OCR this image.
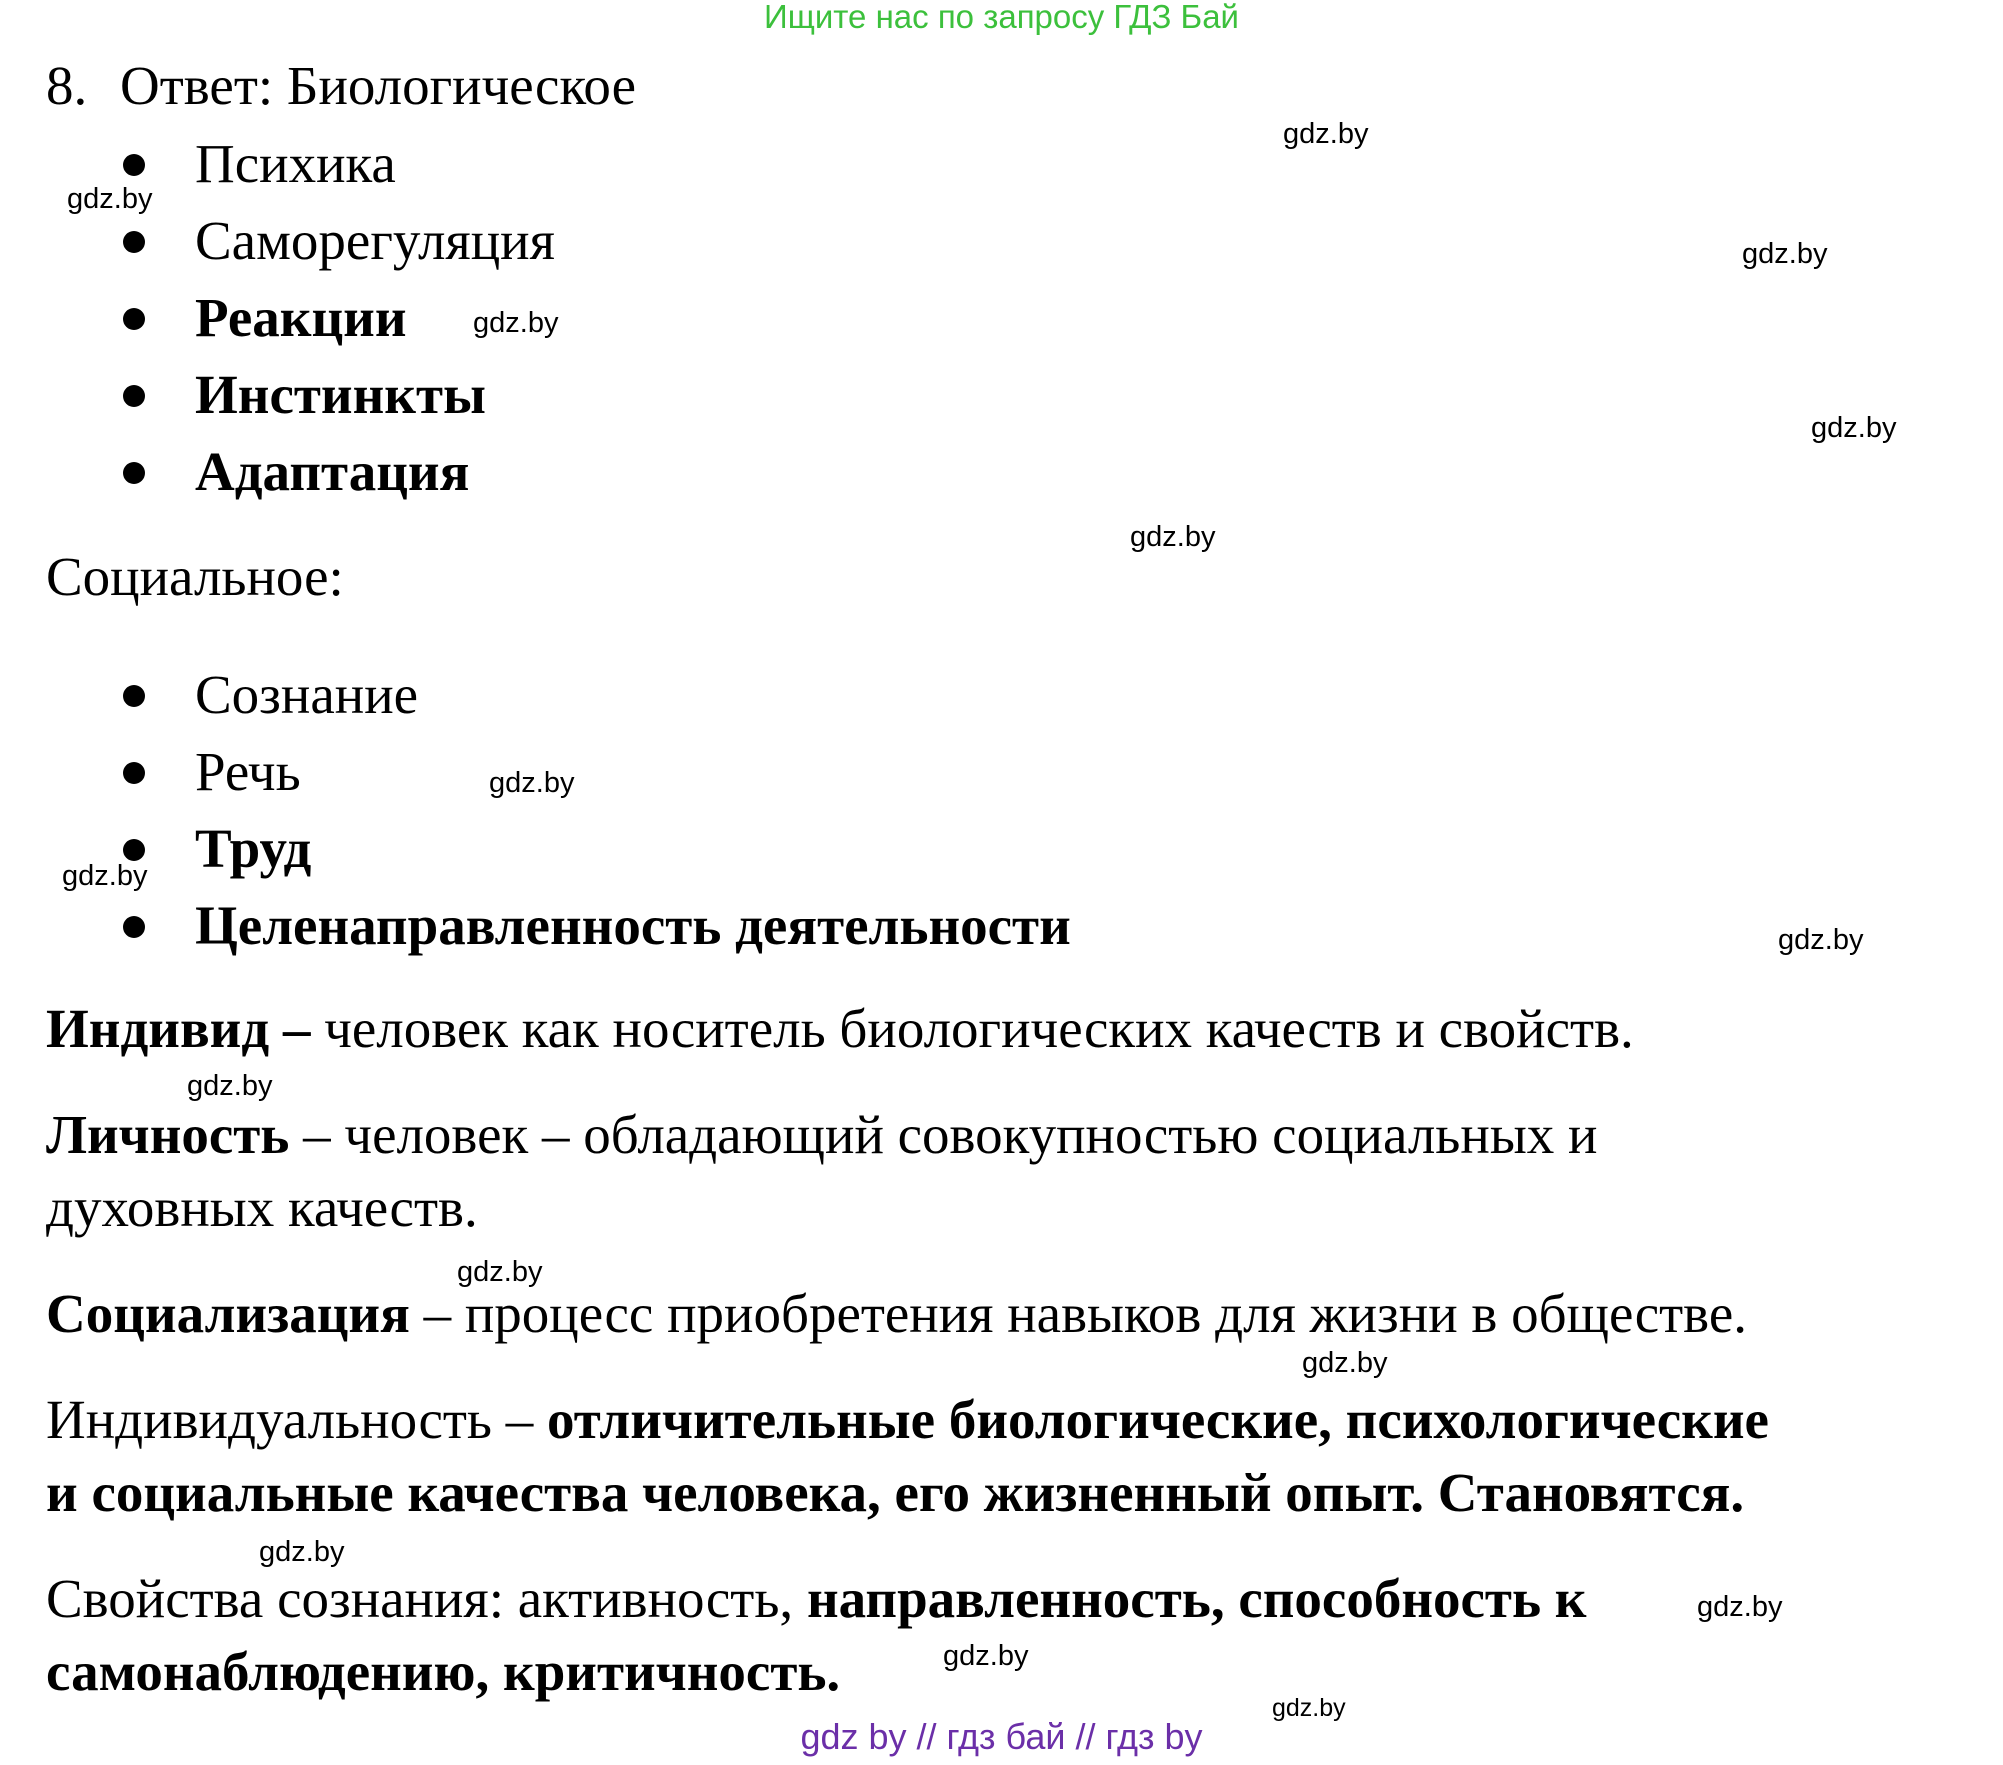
Ищите нас по запросу ГДЗ Бай
8. Ответ: Биологическое
Психика
Саморегуляция
Реакции
Инстинкты
Адаптация
Социальное:
Сознание
Речь
Труд
Целенаправленность деятельности
Индивид – человек как носитель биологических качеств и свойств.
Личность – человек – обладающий совокупностью социальных и
духовных качеств.
Социализация – процесс приобретения навыков для жизни в обществе.
Индивидуальность – отличительные биологические, психологические
и социальные качества человека, его жизненный опыт. Становятся.
Свойства сознания: активность, направленность, способность к
самонаблюдению, критичность.
gdz.by
gdz.by
gdz.by
gdz.by
gdz.by
gdz.by
gdz.by
gdz.by
gdz.by
gdz.by
gdz.by
gdz.by
gdz.by
gdz.by
gdz.by
gdz.by
gdz by // гдз бай // гдз by
